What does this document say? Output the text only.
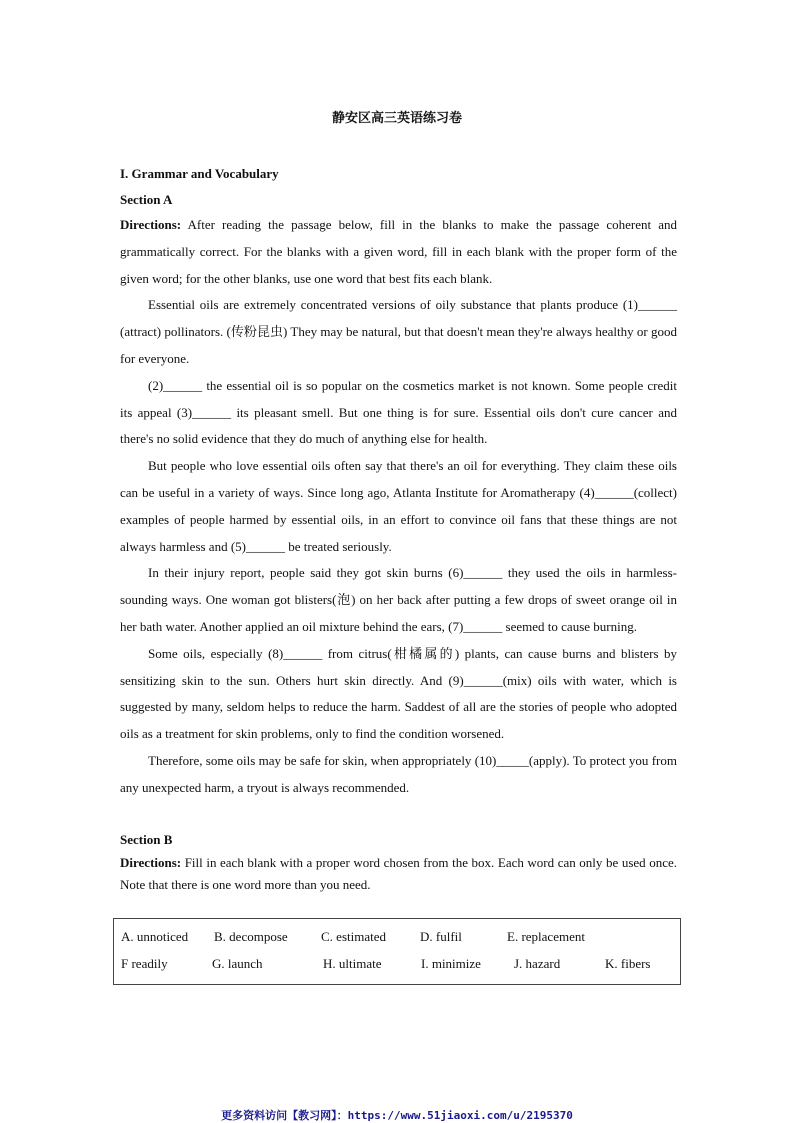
静安区高三英语练习卷

I. Grammar and Vocabulary

Section A

Directions: After reading the passage below, fill in the blanks to make the passage coherent and grammatically correct. For the blanks with a given word, fill in each blank with the proper form of the given word; for the other blanks, use one word that best fits each blank.

Essential oils are extremely concentrated versions of oily substance that plants produce (1)______ (attract) pollinators. (传粉昆虫) They may be natural, but that doesn't mean they're always healthy or good for everyone.

(2)______ the essential oil is so popular on the cosmetics market is not known. Some people credit its appeal (3)______ its pleasant smell. But one thing is for sure. Essential oils don't cure cancer and there's no solid evidence that they do much of anything else for health.

But people who love essential oils often say that there's an oil for everything. They claim these oils can be useful in a variety of ways. Since long ago, Atlanta Institute for Aromatherapy (4)______(collect) examples of people harmed by essential oils, in an effort to convince oil fans that these things are not always harmless and (5)______ be treated seriously.

In their injury report, people said they got skin burns (6)______ they used the oils in harmless-sounding ways. One woman got blisters(泡) on her back after putting a few drops of sweet orange oil in her bath water. Another applied an oil mixture behind the ears, (7)______ seemed to cause burning.

Some oils, especially (8)______ from citrus(柑橘属的) plants, can cause burns and blisters by sensitizing skin to the sun. Others hurt skin directly. And (9)______(mix) oils with water, which is suggested by many, seldom helps to reduce the harm. Saddest of all are the stories of people who adopted oils as a treatment for skin problems, only to find the condition worsened.

Therefore, some oils may be safe for skin, when appropriately (10)_____(apply). To protect you from any unexpected harm, a tryout is always recommended.

Section B

Directions: Fill in each blank with a proper word chosen from the box. Each word can only be used once. Note that there is one word more than you need.

A. unnoticed B. decompose	C. estimated	D. fulfil	E. replacement
F readily	G. launch	H. ultimate	I. minimize	J. hazard	K. fibers
更多资料访问【教习网】：https://www.51jiaoxi.com/u/2195370
